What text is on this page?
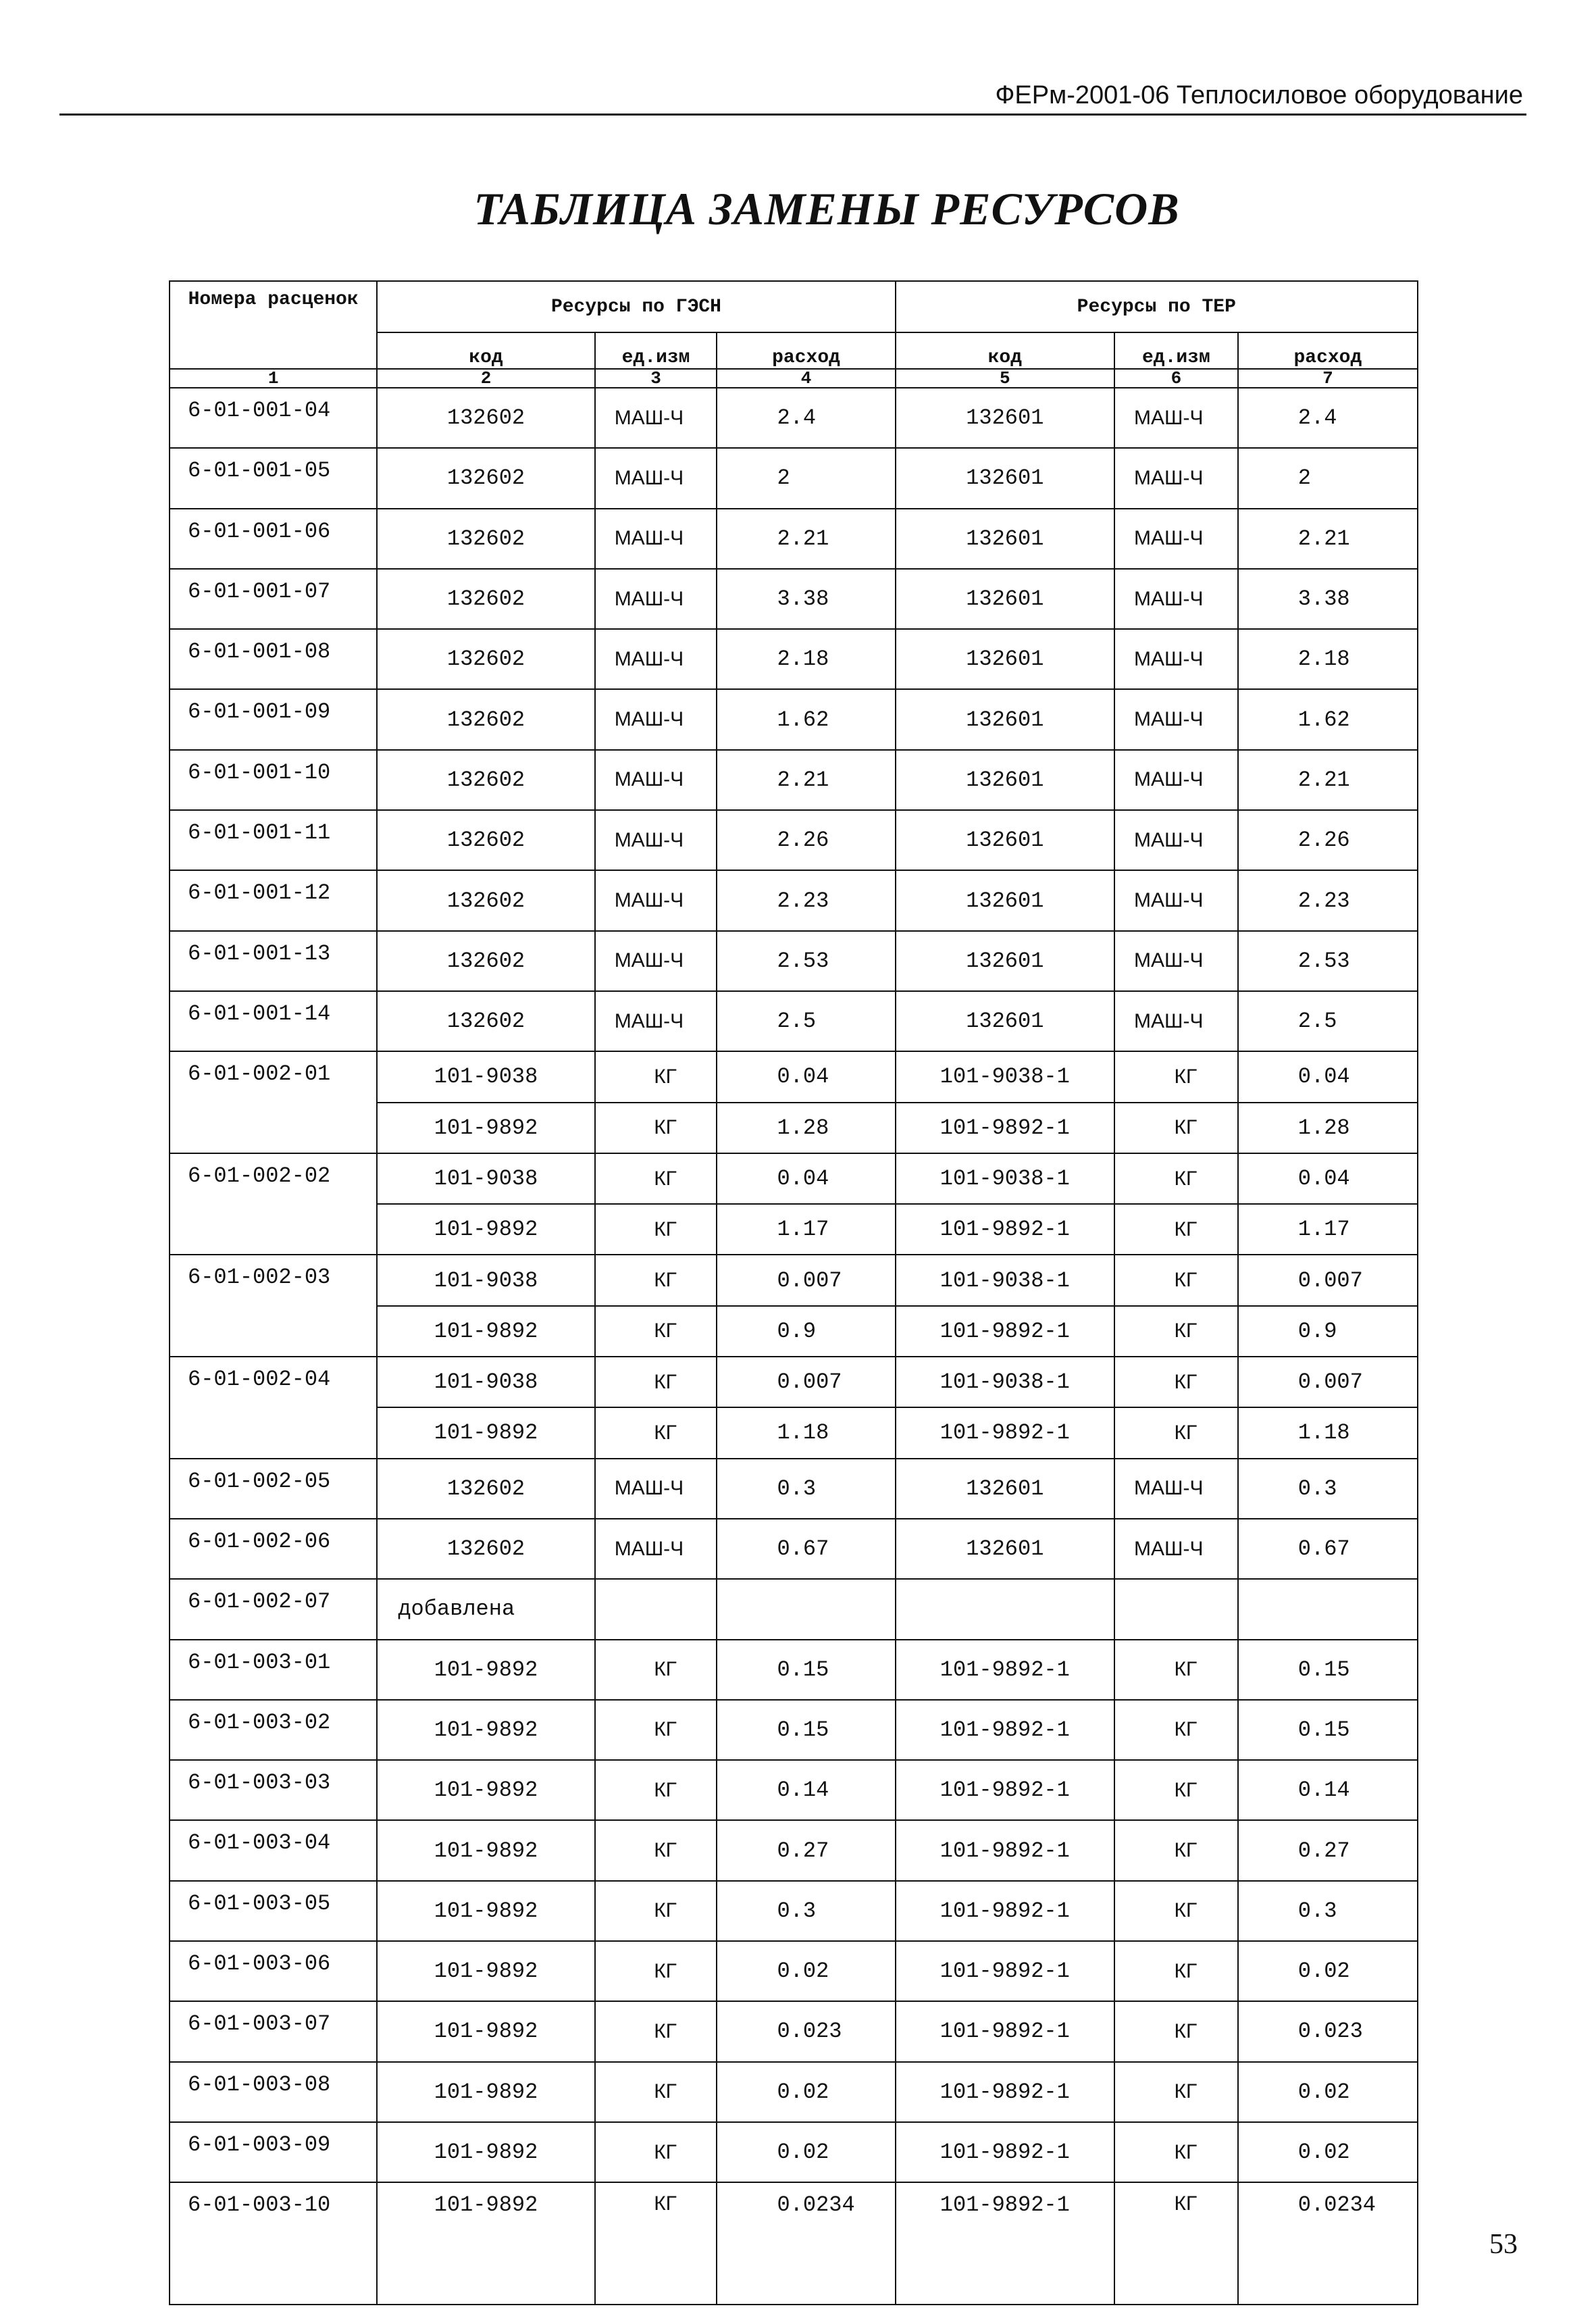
ФЕРм-2001-06 Теплосиловое оборудование
ТАБЛИЦА ЗАМЕНЫ РЕСУРСОВ
Номера расценок	Ресурсы по ГЭСН			Ресурсы по ТЕР		
	код	ед.изм	расход	код	ед.изм	расход
1	2	3	4	5	6	7
6-01-001-04	132602	МАШ-Ч	2.4	132601	МАШ-Ч	2.4
6-01-001-05	132602	МАШ-Ч	2	132601	МАШ-Ч	2
6-01-001-06	132602	МАШ-Ч	2.21	132601	МАШ-Ч	2.21
6-01-001-07	132602	МАШ-Ч	3.38	132601	МАШ-Ч	3.38
6-01-001-08	132602	МАШ-Ч	2.18	132601	МАШ-Ч	2.18
6-01-001-09	132602	МАШ-Ч	1.62	132601	МАШ-Ч	1.62
6-01-001-10	132602	МАШ-Ч	2.21	132601	МАШ-Ч	2.21
6-01-001-11	132602	МАШ-Ч	2.26	132601	МАШ-Ч	2.26
6-01-001-12	132602	МАШ-Ч	2.23	132601	МАШ-Ч	2.23
6-01-001-13	132602	МАШ-Ч	2.53	132601	МАШ-Ч	2.53
6-01-001-14	132602	МАШ-Ч	2.5	132601	МАШ-Ч	2.5
6-01-002-01	101-9038	КГ	0.04	101-9038-1	КГ	0.04
	101-9892	КГ	1.28	101-9892-1	КГ	1.28
6-01-002-02	101-9038	КГ	0.04	101-9038-1	КГ	0.04
	101-9892	КГ	1.17	101-9892-1	КГ	1.17
6-01-002-03	101-9038	КГ	0.007	101-9038-1	КГ	0.007
	101-9892	КГ	0.9	101-9892-1	КГ	0.9
6-01-002-04	101-9038	КГ	0.007	101-9038-1	КГ	0.007
	101-9892	КГ	1.18	101-9892-1	КГ	1.18
6-01-002-05	132602	МАШ-Ч	0.3	132601	МАШ-Ч	0.3
6-01-002-06	132602	МАШ-Ч	0.67	132601	МАШ-Ч	0.67
6-01-002-07	добавлена					
6-01-003-01	101-9892	КГ	0.15	101-9892-1	КГ	0.15
6-01-003-02	101-9892	КГ	0.15	101-9892-1	КГ	0.15
6-01-003-03	101-9892	КГ	0.14	101-9892-1	КГ	0.14
6-01-003-04	101-9892	КГ	0.27	101-9892-1	КГ	0.27
6-01-003-05	101-9892	КГ	0.3	101-9892-1	КГ	0.3
6-01-003-06	101-9892	КГ	0.02	101-9892-1	КГ	0.02
6-01-003-07	101-9892	КГ	0.023	101-9892-1	КГ	0.023
6-01-003-08	101-9892	КГ	0.02	101-9892-1	КГ	0.02
6-01-003-09	101-9892	КГ	0.02	101-9892-1	КГ	0.02
6-01-003-10	101-9892	КГ	0.0234	101-9892-1	КГ	0.0234
53
